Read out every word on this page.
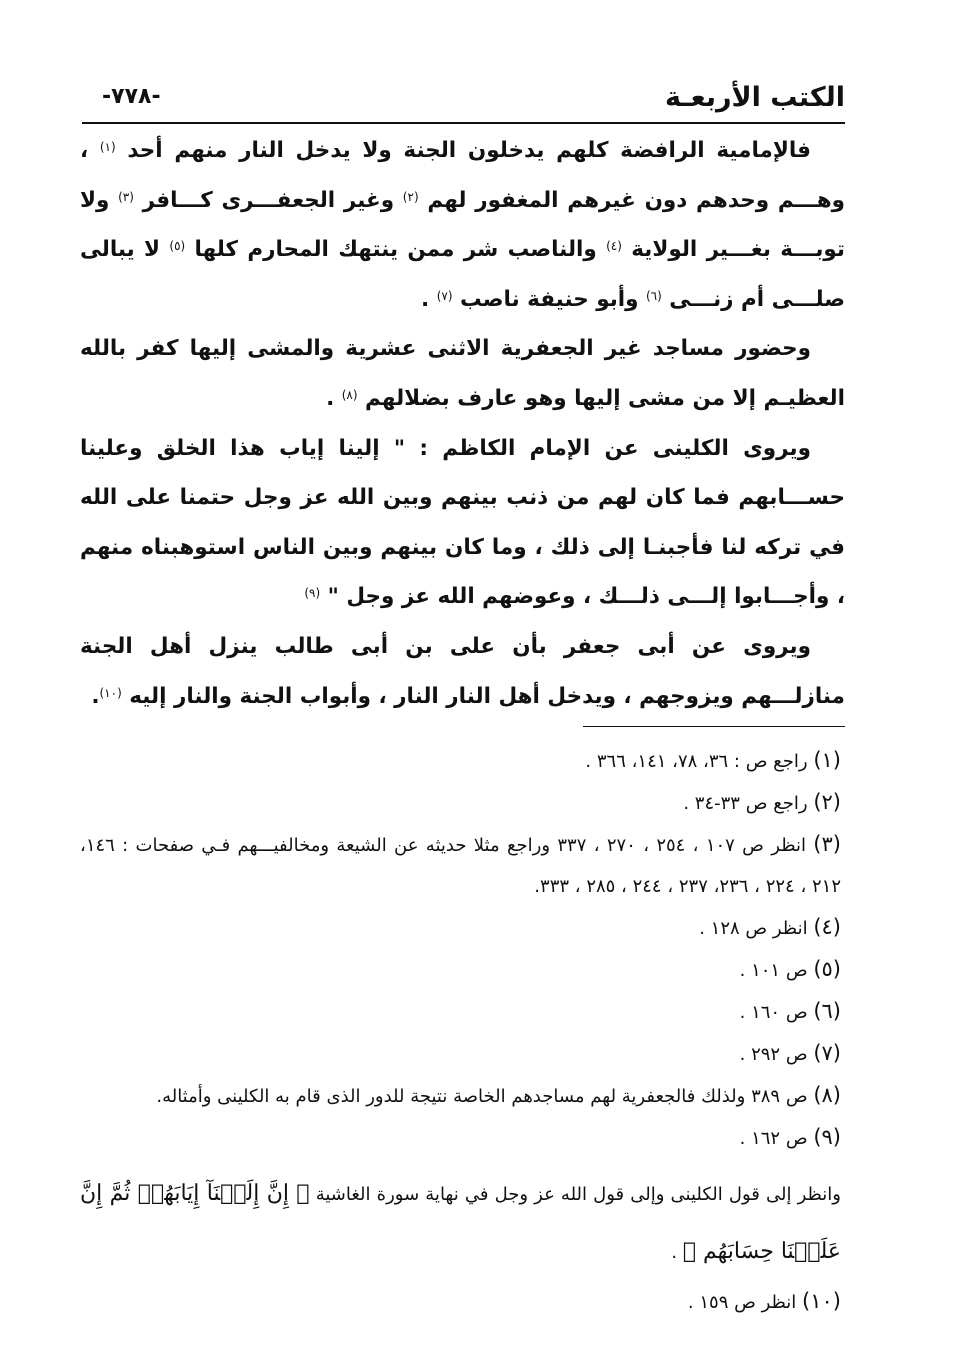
الكتب الأربعـة
-٧٧٨-

فالإمامية الرافضة كلهم يدخلون الجنة ولا يدخل النار منهم أحد $^{(١)}$ ، وهـــم وحدهم دون غيرهم المغفور لهم $^{(٢)}$ وغير الجعفـــرى كـــافر $^{(٣)}$ ولا توبـــة بغـــير الولاية $^{(٤)}$ والناصب شر ممن ينتهك المحارم كلها $^{(٥)}$ لا يبالى صلـــى أم زنـــى $^{(٦)}$ وأبو حنيفة ناصب $^{(٧)}$ .

وحضور مساجد غير الجعفرية الاثنى عشرية والمشى إليها كفر بالله العظيـم إلا من مشى إليها وهو عارف بضلالهم $^{(٨)}$ .

ويروى الكلينى عن الإمام الكاظم : " إلينا إياب هذا الخلق وعلينا حســـابهم فما كان لهم من ذنب بينهم وبين الله عز وجل حتمنا على الله في تركه لنا فأجبنـا إلى ذلك ، وما كان بينهم وبين الناس استوهبناه منهم ، وأجـــابوا إلـــى ذلـــك ، وعوضهم الله عز وجل " $^{(٩)}$

ويروى عن أبى جعفر بأن على بن أبى طالب ينزل أهل الجنة منازلـــهم ويزوجهم ، ويدخل أهل النار النار ، وأبواب الجنة والنار إليه $^{(١٠)}$.

(١) راجع ص : ٣٦، ٧٨، ١٤١، ٣٦٦ .

(٢) راجع ص ٣٣-٣٤ .

(٣) انظر ص ١٠٧ ، ٢٥٤ ، ٢٧٠ ، ٣٣٧ وراجع مثلا حديثه عن الشيعة ومخالفيـــهم فـي صفحات : ١٤٦، ٢١٢ ، ٢٢٤ ، ٢٣٦، ٢٣٧ ، ٢٤٤ ، ٢٨٥ ، ٣٣٣.

(٤) انظر ص ١٢٨ .

(٥) ص ١٠١ .

(٦) ص ١٦٠ .

(٧) ص ٢٩٢ .

(٨) ص ٣٨٩ ولذلك فالجعفرية لهم مساجدهم الخاصة نتيجة للدور الذى قام به الكلينى وأمثاله.

(٩) ص ١٦٢ .

وانظر إلى قول الكلينى وإلى قول الله عز وجل في نهاية سورة الغاشية ﴿ إِنَّ إِلَيۡنَآ إِيَابَهُمۡ ثُمَّ إِنَّ عَلَيۡنَا حِسَابَهُم ﴾ .

(١٠) انظر ص ١٥٩ .
